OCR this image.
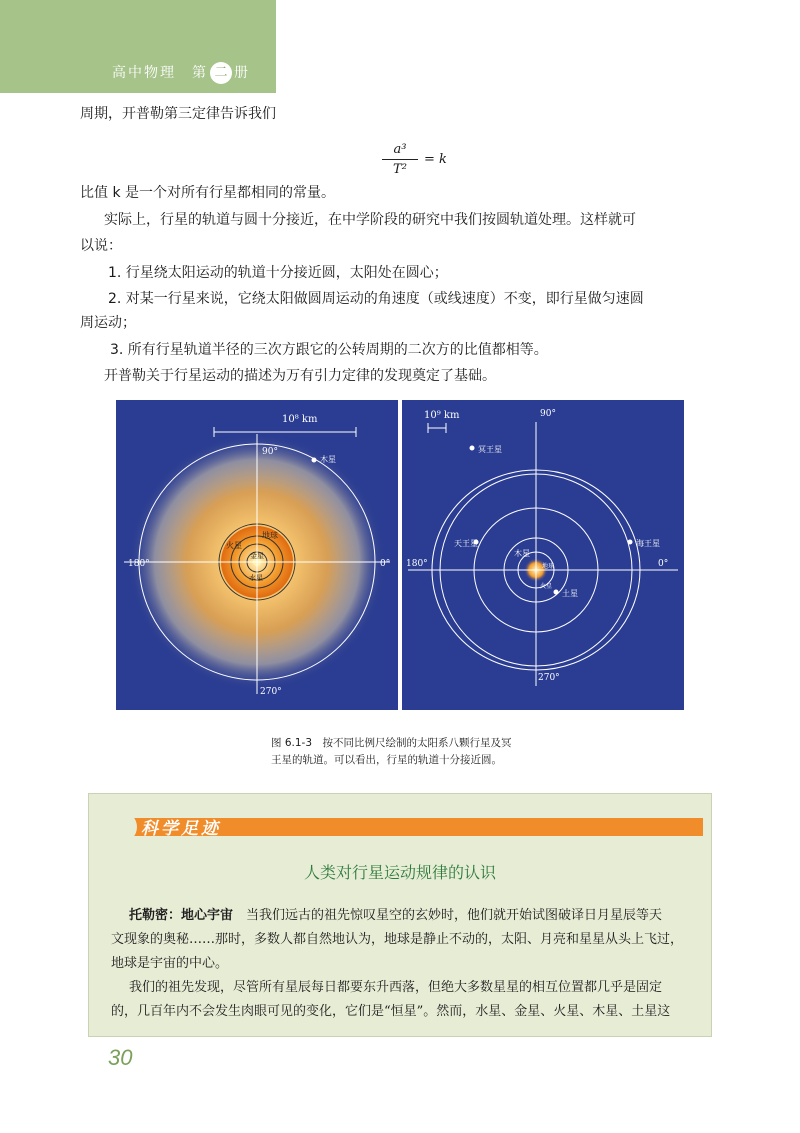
高中物理　第 二 册
周期，开普勒第三定律告诉我们
$\frac{\text{a³}}{\text{T²}} = k$
比值 k 是一个对所有行星都相同的常量。
实际上，行星的轨道与圆十分接近，在中学阶段的研究中我们按圆轨道处理。这样就可
以说：
1. 行星绕太阳运动的轨道十分接近圆，太阳处在圆心；
2. 对某一行星来说，它绕太阳做圆周运动的角速度（或线速度）不变，即行星做匀速圆
周运动；
3. 所有行星轨道半径的三次方跟它的公转周期的二次方的比值都相等。
开普勒关于行星运动的描述为万有引力定律的发现奠定了基础。
10⁸ km
90°
180°	0°
270°
木星
火星
地球
金星
水星
10⁹ km	90°
180°	0°
270°
冥王星
天王星	海王星
木星
土星
火星
地球
图 6.1-3　按不同比例尺绘制的太阳系八颗行星及冥
王星的轨道。可以看出，行星的轨道十分接近圆。
科学足迹
人类对行星运动规律的认识
托勒密：地心宇宙　 当我们远古的祖先惊叹星空的玄妙时，他们就开始试图破译日月星辰等天
文现象的奥秘……那时，多数人都自然地认为，地球是静止不动的，太阳、月亮和星星从头上飞过，
地球是宇宙的中心。
我们的祖先发现，尽管所有星辰每日都要东升西落，但绝大多数星星的相互位置都几乎是固定
的，几百年内不会发生肉眼可见的变化，它们是“恒星”。然而，水星、金星、火星、木星、土星这
30
